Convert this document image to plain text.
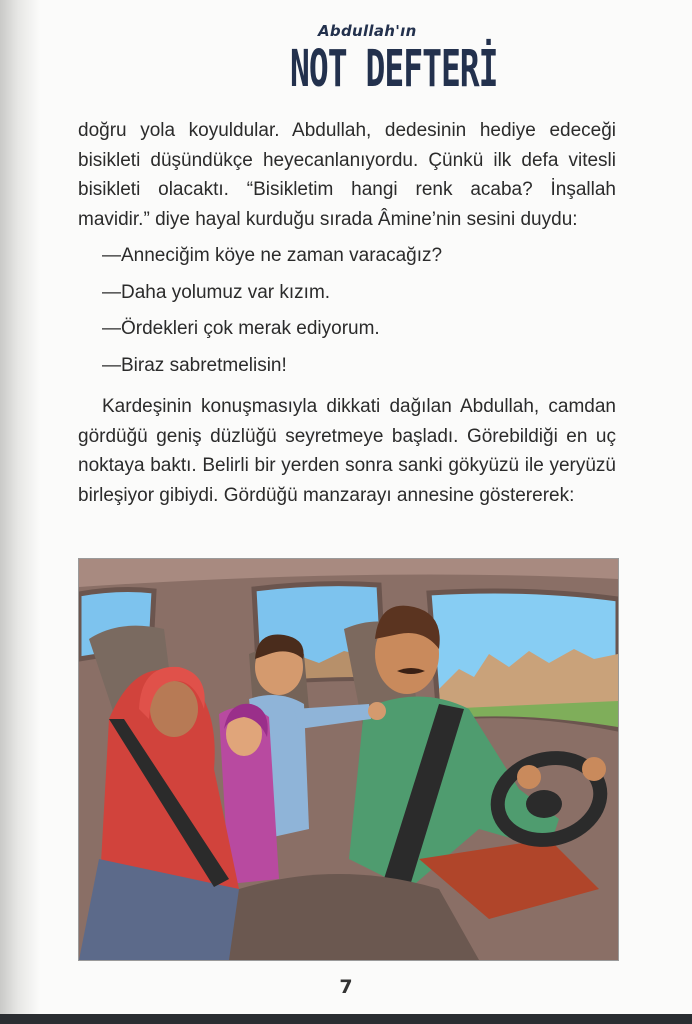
Abdullah'ın
NOT DEFTERİ

doğru yola koyuldular. Abdullah, dedesinin hediye edeceği bisikleti düşündükçe heyecanlanıyordu. Çünkü ilk defa vitesli bisikleti olacaktı. “Bisikletim hangi renk acaba? İnşallah mavidir.” diye hayal kurduğu sırada Âmine’nin sesini duydu:

—Anneciğim köye ne zaman varacağız?

—Daha yolumuz var kızım.

—Ördekleri çok merak ediyorum.

—Biraz sabretmelisin!

Kardeşinin konuşmasıyla dikkati dağılan Abdullah, camdan gördüğü geniş düzlüğü seyretmeye başladı. Görebildiği en uç noktaya baktı. Belirli bir yerden sonra sanki gökyüzü ile yeryüzü birleşiyor gibiydi. Gördüğü manzarayı annesine göstererek:

7
